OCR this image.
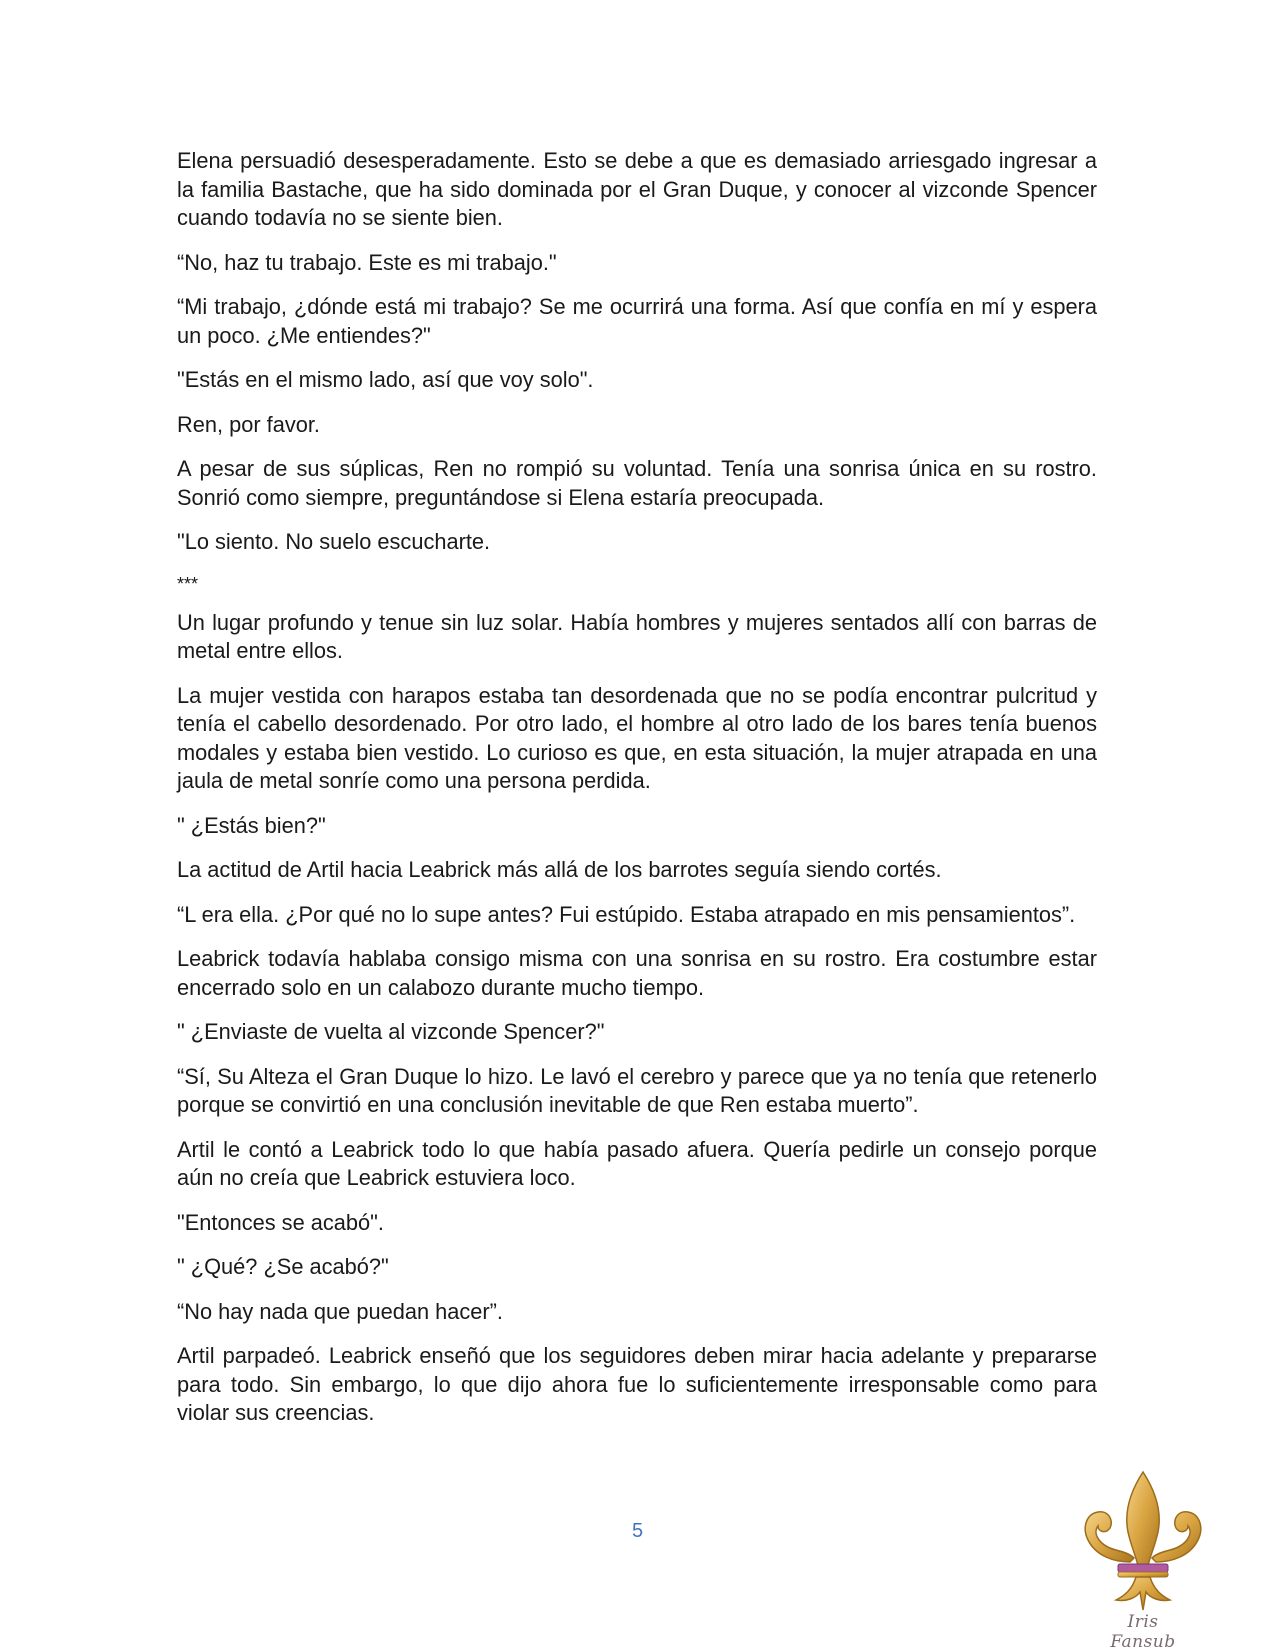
Elena persuadió desesperadamente. Esto se debe a que es demasiado arriesgado ingresar a la familia Bastache, que ha sido dominada por el Gran Duque, y conocer al vizconde Spencer cuando todavía no se siente bien.

“No, haz tu trabajo. Este es mi trabajo."

“Mi trabajo, ¿dónde está mi trabajo? Se me ocurrirá una forma. Así que confía en mí y espera un poco. ¿Me entiendes?"

"Estás en el mismo lado, así que voy solo".

Ren, por favor.

A pesar de sus súplicas, Ren no rompió su voluntad. Tenía una sonrisa única en su rostro. Sonrió como siempre, preguntándose si Elena estaría preocupada.

"Lo siento. No suelo escucharte.

***

Un lugar profundo y tenue sin luz solar. Había hombres y mujeres sentados allí con barras de metal entre ellos.

La mujer vestida con harapos estaba tan desordenada que no se podía encontrar pulcritud y tenía el cabello desordenado. Por otro lado, el hombre al otro lado de los bares tenía buenos modales y estaba bien vestido. Lo curioso es que, en esta situación, la mujer atrapada en una jaula de metal sonríe como una persona perdida.

" ¿Estás bien?"

La actitud de Artil hacia Leabrick más allá de los barrotes seguía siendo cortés.

“L era ella. ¿Por qué no lo supe antes? Fui estúpido. Estaba atrapado en mis pensamientos”.

Leabrick todavía hablaba consigo misma con una sonrisa en su rostro. Era costumbre estar encerrado solo en un calabozo durante mucho tiempo.

" ¿Enviaste de vuelta al vizconde Spencer?"

“Sí, Su Alteza el Gran Duque lo hizo. Le lavó el cerebro y parece que ya no tenía que retenerlo porque se convirtió en una conclusión inevitable de que Ren estaba muerto”.

Artil le contó a Leabrick todo lo que había pasado afuera. Quería pedirle un consejo porque aún no creía que Leabrick estuviera loco.

"Entonces se acabó".

" ¿Qué? ¿Se acabó?"

“No hay nada que puedan hacer”.

Artil parpadeó. Leabrick enseñó que los seguidores deben mirar hacia adelante y prepararse para todo. Sin embargo, lo que dijo ahora fue lo suficientemente irresponsable como para violar sus creencias.

5
Iris Fansub
